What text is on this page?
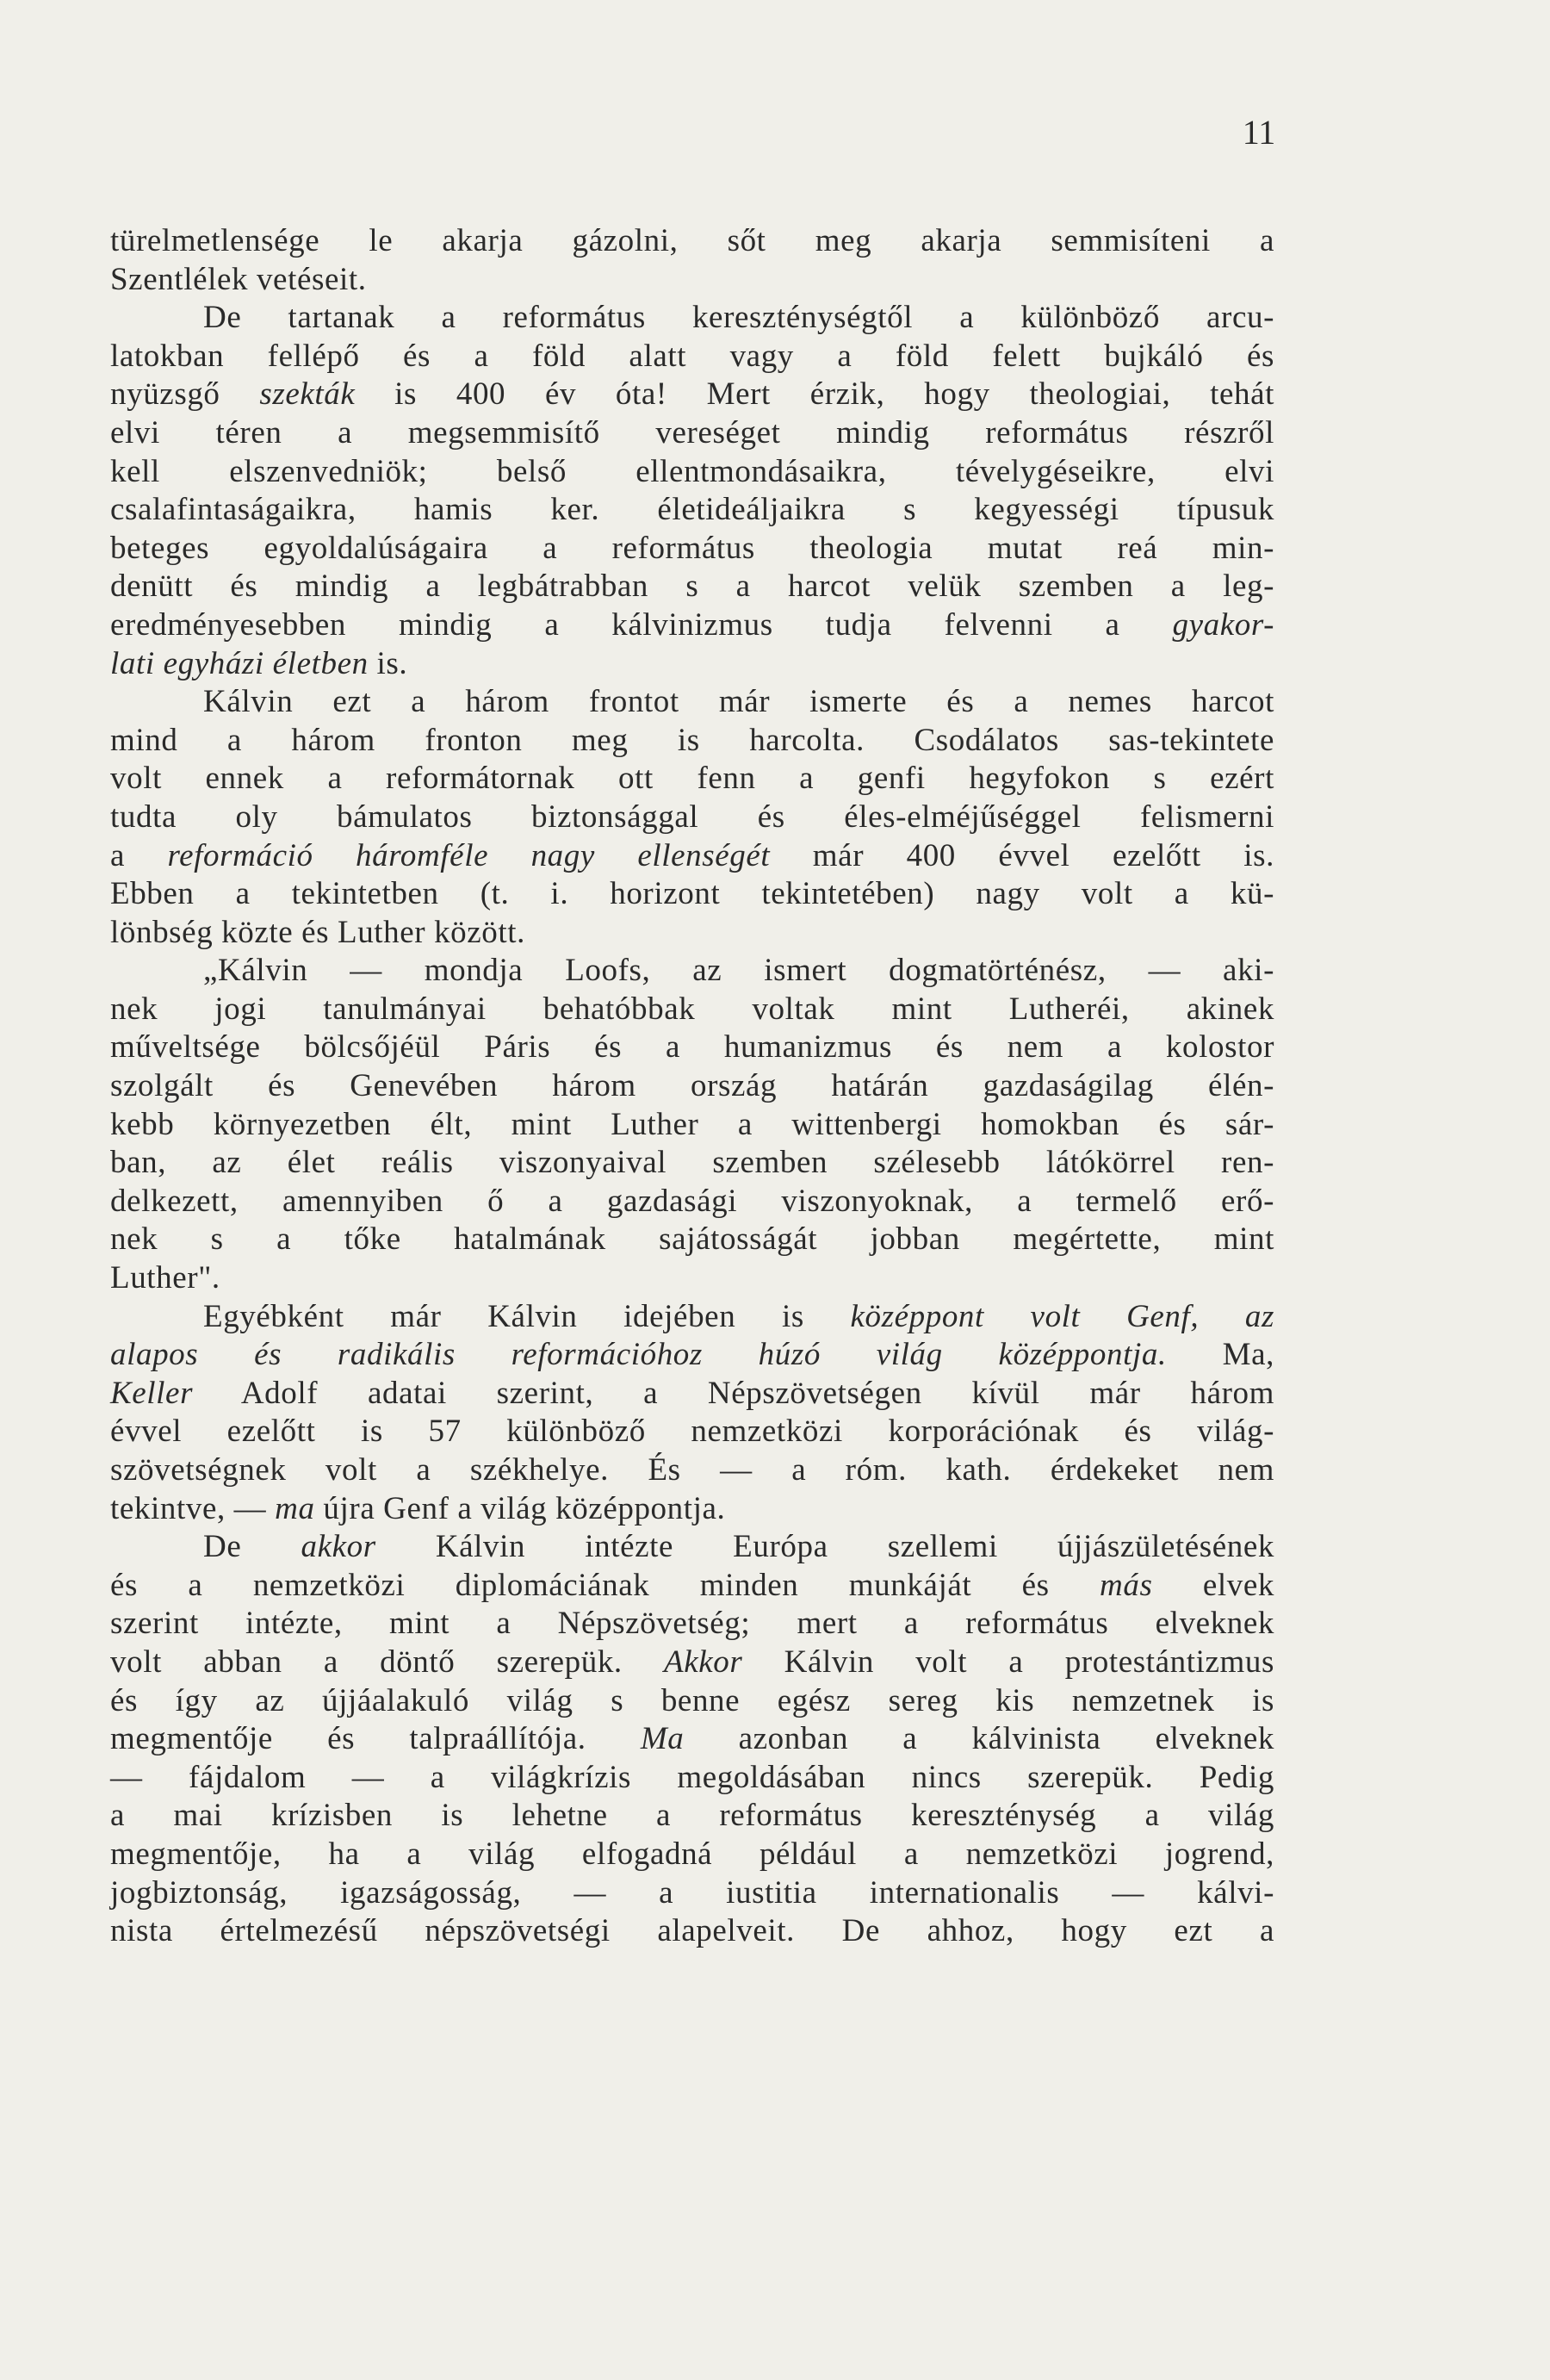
11
türelmetlensége le akarja gázolni, sőt meg akarja semmisíteni a
Szentlélek vetéseit.
De tartanak a református kereszténységtől a különböző arcu-
latokban fellépő és a föld alatt vagy a föld felett bujkáló és
nyüzsgő szekták is 400 év óta! Mert érzik, hogy theologiai, tehát
elvi téren a megsemmisítő vereséget mindig református részről
kell elszenvedniök; belső ellentmondásaikra, tévelygéseikre, elvi
csalafintaságaikra, hamis ker. életideáljaikra s kegyességi típusuk
beteges egyoldalúságaira a református theologia mutat reá min-
denütt és mindig a legbátrabban s a harcot velük szemben a leg-
eredményesebben mindig a kálvinizmus tudja felvenni a gyakor-
lati egyházi életben is.
Kálvin ezt a három frontot már ismerte és a nemes harcot
mind a három fronton meg is harcolta. Csodálatos sas-tekintete
volt ennek a reformátornak ott fenn a genfi hegyfokon s ezért
tudta oly bámulatos biztonsággal és éles-elméjűséggel felismerni
a reformáció háromféle nagy ellenségét már 400 évvel ezelőtt is.
Ebben a tekintetben (t. i. horizont tekintetében) nagy volt a kü-
lönbség közte és Luther között.
„Kálvin — mondja Loofs, az ismert dogmatörténész, — aki-
nek jogi tanulmányai behatóbbak voltak mint Lutheréi, akinek
műveltsége bölcsőjéül Páris és a humanizmus és nem a kolostor
szolgált és Genevében három ország határán gazdaságilag élén-
kebb környezetben élt, mint Luther a wittenbergi homokban és sár-
ban, az élet reális viszonyaival szemben szélesebb látókörrel ren-
delkezett, amennyiben ő a gazdasági viszonyoknak, a termelő erő-
nek s a tőke hatalmának sajátosságát jobban megértette, mint
Luther".
Egyébként már Kálvin idejében is középpont volt Genf, az
alapos és radikális reformációhoz húzó világ középpontja. Ma,
Keller Adolf adatai szerint, a Népszövetségen kívül már három
évvel ezelőtt is 57 különböző nemzetközi korporációnak és világ-
szövetségnek volt a székhelye. És — a róm. kath. érdekeket nem
tekintve, — ma újra Genf a világ középpontja.
De akkor Kálvin intézte Európa szellemi újjászületésének
és a nemzetközi diplomáciának minden munkáját és más elvek
szerint intézte, mint a Népszövetség; mert a református elveknek
volt abban a döntő szerepük. Akkor Kálvin volt a protestántizmus
és így az újjáalakuló világ s benne egész sereg kis nemzetnek is
megmentője és talpraállítója. Ma azonban a kálvinista elveknek
— fájdalom — a világkrízis megoldásában nincs szerepük. Pedig
a mai krízisben is lehetne a református kereszténység a világ
megmentője, ha a világ elfogadná például a nemzetközi jogrend,
jogbiztonság, igazságosság, — a iustitia internationalis — kálvi-
nista értelmezésű népszövetségi alapelveit. De ahhoz, hogy ezt a
